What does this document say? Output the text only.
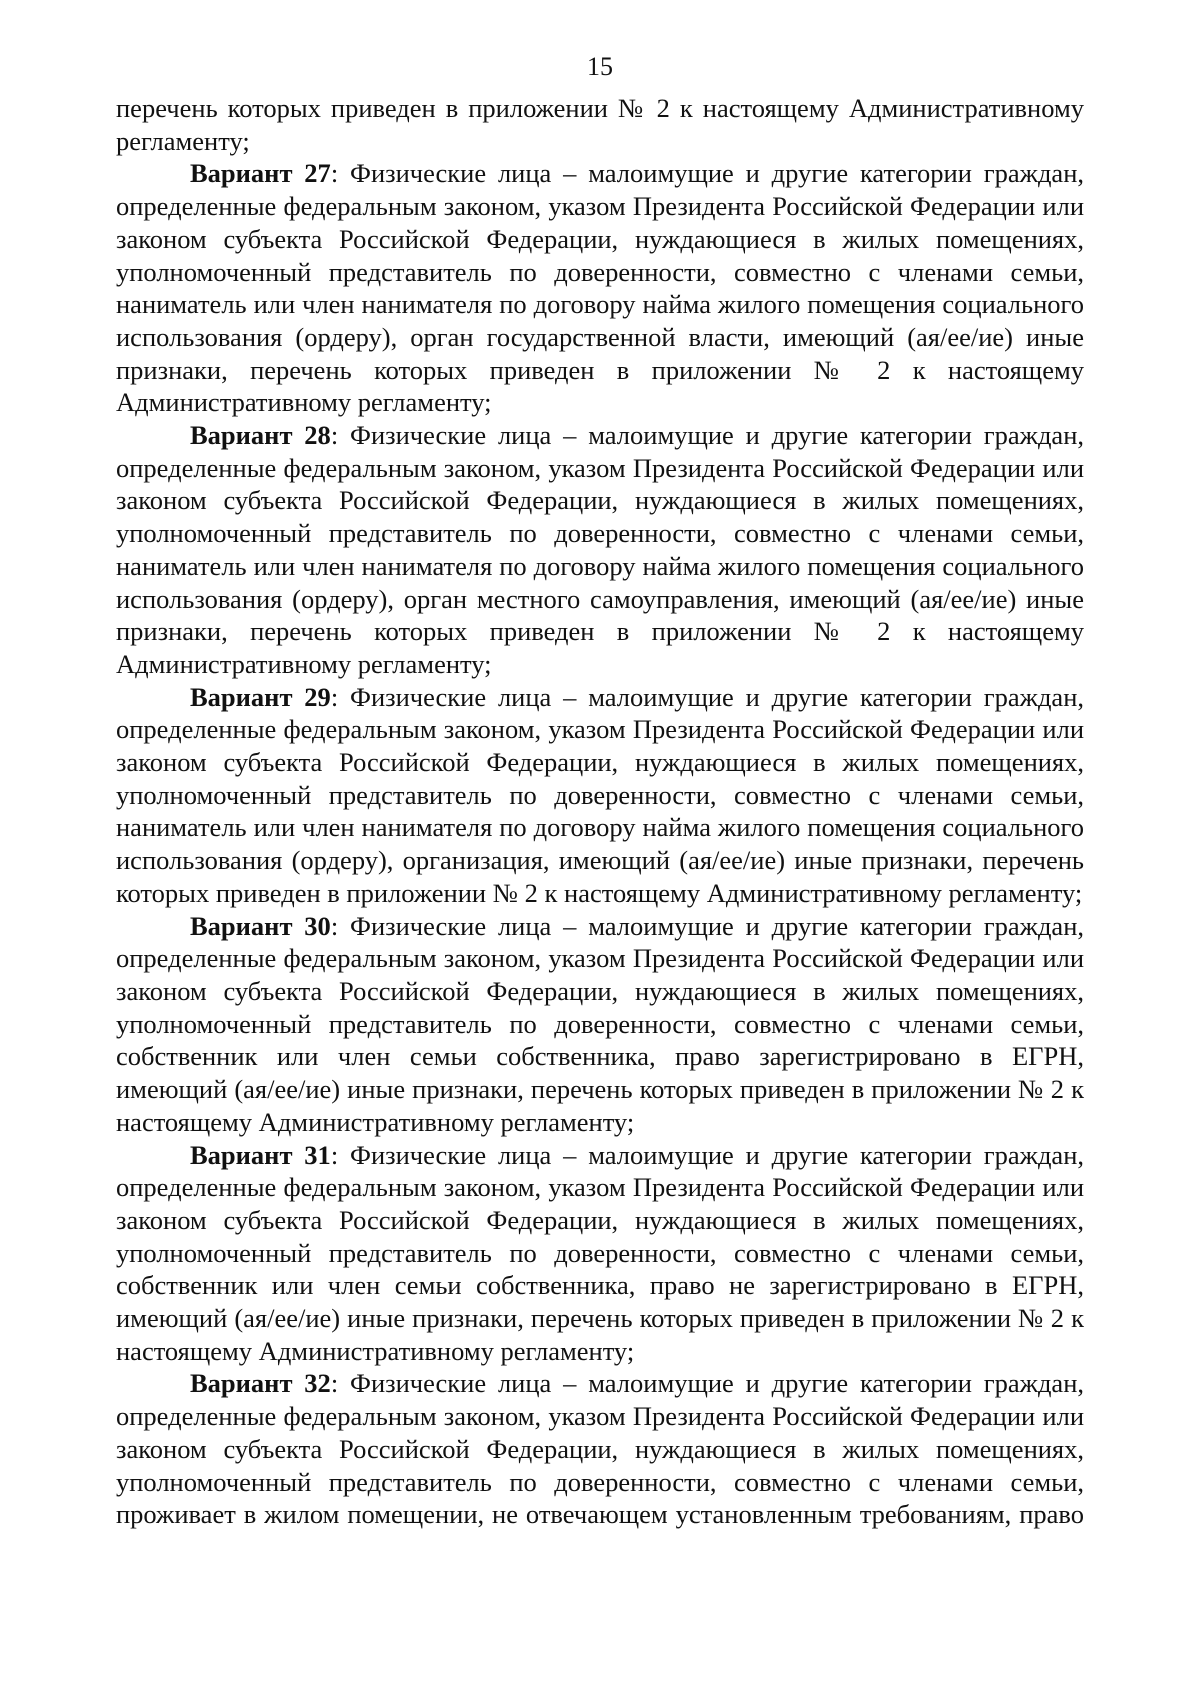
15

перечень которых приведен в приложении № 2 к настоящему Административному регламенту;

Вариант 27: Физические лица – малоимущие и другие категории граждан, определенные федеральным законом, указом Президента Российской Федерации или законом субъекта Российской Федерации, нуждающиеся в жилых помещениях, уполномоченный представитель по доверенности, совместно с членами семьи, наниматель или член нанимателя по договору найма жилого помещения социального использования (ордеру), орган государственной власти, имеющий (ая/ее/ие) иные признаки, перечень которых приведен в приложении № 2 к настоящему Административному регламенту;

Вариант 28: Физические лица – малоимущие и другие категории граждан, определенные федеральным законом, указом Президента Российской Федерации или законом субъекта Российской Федерации, нуждающиеся в жилых помещениях, уполномоченный представитель по доверенности, совместно с членами семьи, наниматель или член нанимателя по договору найма жилого помещения социального использования (ордеру), орган местного самоуправления, имеющий (ая/ее/ие) иные признаки, перечень которых приведен в приложении № 2 к настоящему Административному регламенту;

Вариант 29: Физические лица – малоимущие и другие категории граждан, определенные федеральным законом, указом Президента Российской Федерации или законом субъекта Российской Федерации, нуждающиеся в жилых помещениях, уполномоченный представитель по доверенности, совместно с членами семьи, наниматель или член нанимателя по договору найма жилого помещения социального использования (ордеру), организация, имеющий (ая/ее/ие) иные признаки, перечень которых приведен в приложении № 2 к настоящему Административному регламенту;

Вариант 30: Физические лица – малоимущие и другие категории граждан, определенные федеральным законом, указом Президента Российской Федерации или законом субъекта Российской Федерации, нуждающиеся в жилых помещениях, уполномоченный представитель по доверенности, совместно с членами семьи, собственник или член семьи собственника, право зарегистрировано в ЕГРН, имеющий (ая/ее/ие) иные признаки, перечень которых приведен в приложении № 2 к настоящему Административному регламенту;

Вариант 31: Физические лица – малоимущие и другие категории граждан, определенные федеральным законом, указом Президента Российской Федерации или законом субъекта Российской Федерации, нуждающиеся в жилых помещениях, уполномоченный представитель по доверенности, совместно с членами семьи, собственник или член семьи собственника, право не зарегистрировано в ЕГРН, имеющий (ая/ее/ие) иные признаки, перечень которых приведен в приложении № 2 к настоящему Административному регламенту;

Вариант 32: Физические лица – малоимущие и другие категории граждан, определенные федеральным законом, указом Президента Российской Федерации или законом субъекта Российской Федерации, нуждающиеся в жилых помещениях, уполномоченный представитель по доверенности, совместно с членами семьи, проживает в жилом помещении, не отвечающем установленным требованиям, право
